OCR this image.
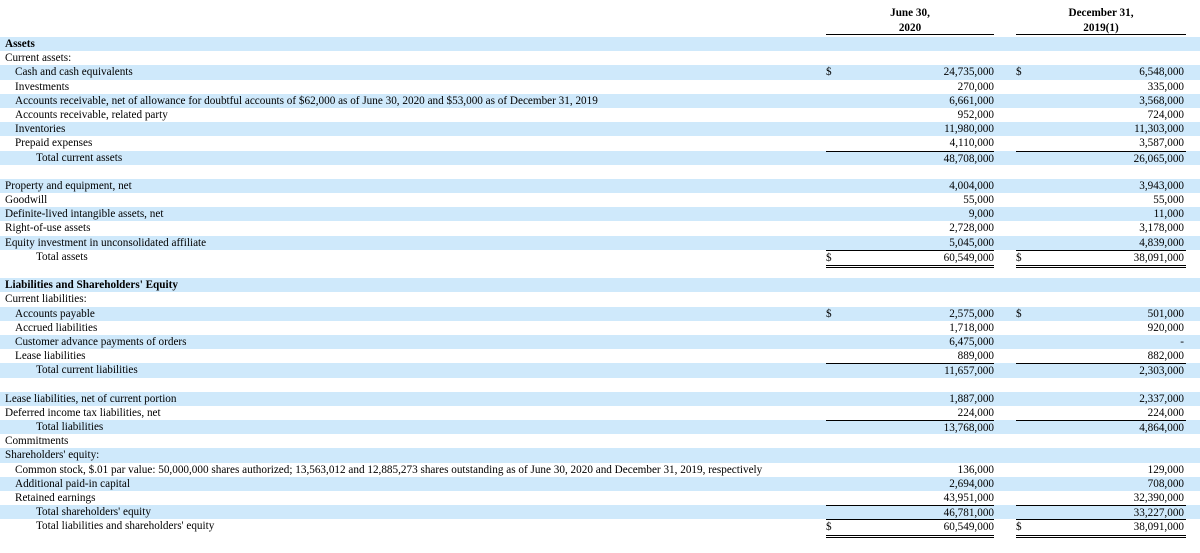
June 30,
2020
December 31,
2019(1)
Assets
Current assets:
Cash and cash equivalents	$	24,735,000 $	6,548,000
Investments	270,000	335,000
Accounts receivable, net of allowance for doubtful accounts of $62,000 as of June 30, 2020 and $53,000 as of December 31, 2019	6,661,000	3,568,000
Accounts receivable, related party	952,000	724,000
Inventories	11,980,000	11,303,000
Prepaid expenses	4,110,000	3,587,000
Total current assets	48,708,000	26,065,000
Property and equipment, net	4,004,000	3,943,000
Goodwill	55,000	55,000
Definite-lived intangible assets, net	9,000	11,000
Right-of-use assets	2,728,000	3,178,000
Equity investment in unconsolidated affiliate	5,045,000	4,839,000
Total assets	$	60,549,000 $	38,091,000
Liabilities and Shareholders' Equity
Current liabilities:
Accounts payable	$	2,575,000 $	501,000
Accrued liabilities	1,718,000	920,000
Customer advance payments of orders	6,475,000	-
Lease liabilities	889,000	882,000
Total current liabilities	11,657,000	2,303,000
Lease liabilities, net of current portion	1,887,000	2,337,000
Deferred income tax liabilities, net	224,000	224,000
Total liabilities	13,768,000	4,864,000
Commitments
Shareholders' equity:
Common stock, $.01 par value: 50,000,000 shares authorized; 13,563,012 and 12,885,273 shares outstanding as of June 30, 2020 and December 31, 2019, respectively	136,000	129,000
Additional paid-in capital	2,694,000	708,000
Retained earnings	43,951,000	32,390,000
Total shareholders' equity	46,781,000	33,227,000
Total liabilities and shareholders' equity	$	60,549,000 $	38,091,000
